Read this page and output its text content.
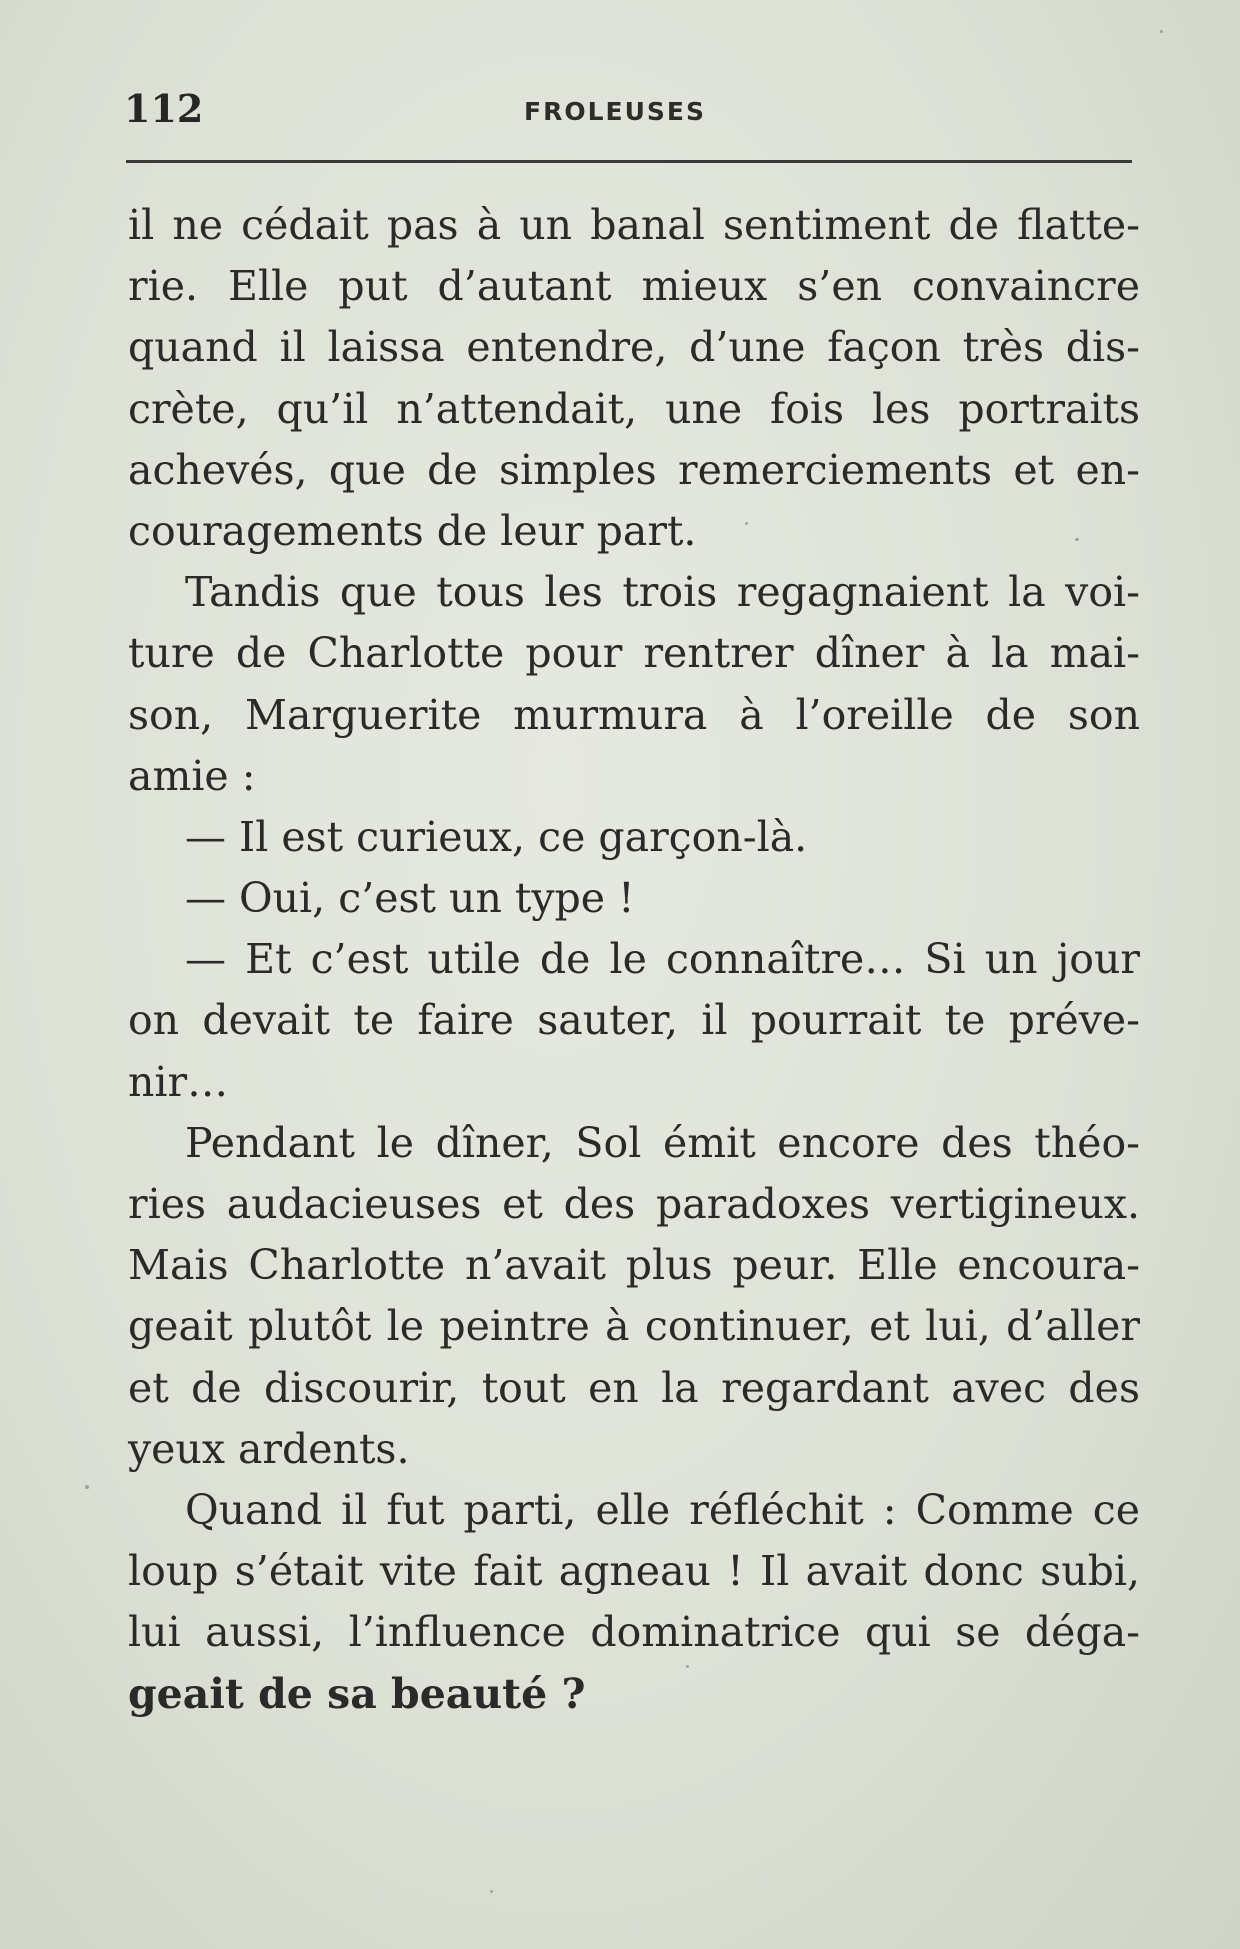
112	FROLEUSES
il ne cédait pas à un banal sentiment de flatte-
rie. Elle put d’autant mieux s’en convaincre
quand il laissa entendre, d’une façon très dis-
crète, qu’il n’attendait, une fois les portraits
achevés, que de simples remerciements et en-
couragements de leur part.
Tandis que tous les trois regagnaient la voi-
ture de Charlotte pour rentrer dîner à la mai-
son, Marguerite murmura à l’oreille de son
amie :
— Il est curieux, ce garçon-là.
— Oui, c’est un type !
— Et c’est utile de le connaître… Si un jour
on devait te faire sauter, il pourrait te préve-
nir…
Pendant le dîner, Sol émit encore des théo-
ries audacieuses et des paradoxes vertigineux.
Mais Charlotte n’avait plus peur. Elle encoura-
geait plutôt le peintre à continuer, et lui, d’aller
et de discourir, tout en la regardant avec des
yeux ardents.
Quand il fut parti, elle réfléchit : Comme ce
loup s’était vite fait agneau ! Il avait donc subi,
lui aussi, l’influence dominatrice qui se déga-
geait de sa beauté ?
